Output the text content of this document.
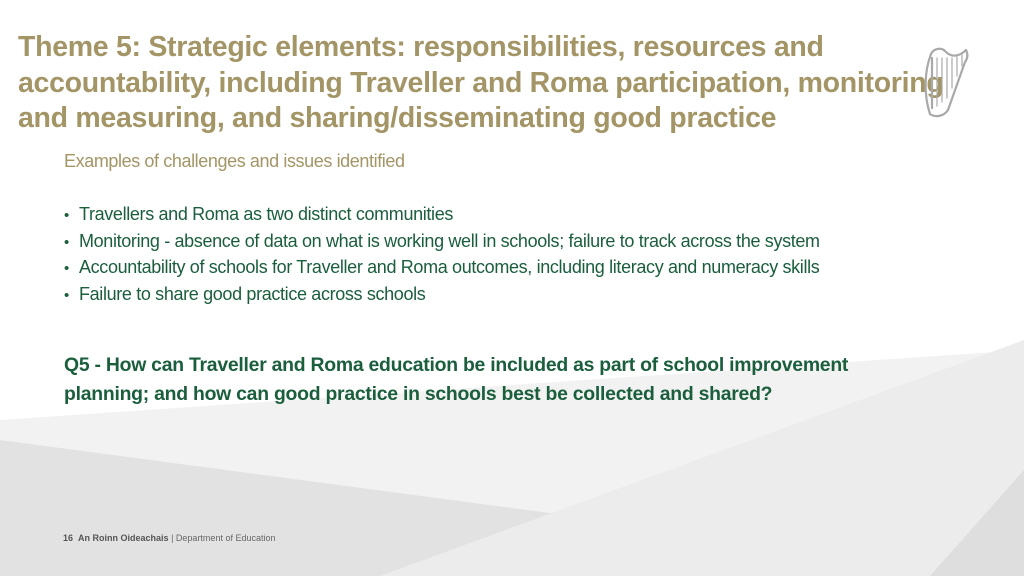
Theme 5: Strategic elements: responsibilities, resources and
accountability, including Traveller and Roma participation, monitoring
and measuring, and sharing/disseminating good practice

Examples of challenges and issues identified

• Travellers and Roma as two distinct communities
• Monitoring - absence of data on what is working well in schools; failure to track across the system
• Accountability of schools for Traveller and Roma outcomes, including literacy and numeracy skills
• Failure to share good practice across schools

Q5 - How can Traveller and Roma education be included as part of school improvement
planning; and how can good practice in schools best be collected and shared?

16 An Roinn Oideachais | Department of Education
